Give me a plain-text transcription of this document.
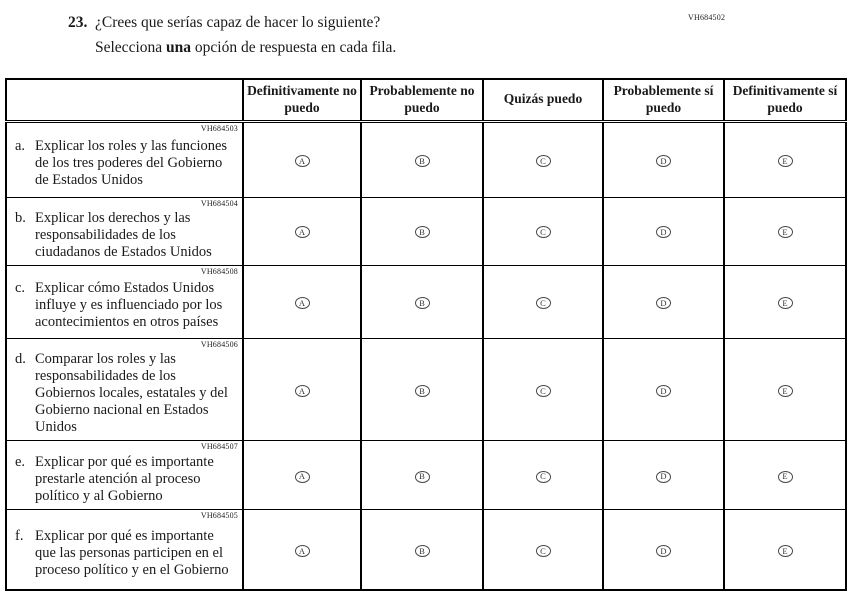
VH684502
23. ¿Crees que serías capaz de hacer lo siguiente?
Selecciona una opción de respuesta en cada fila.
	Definitivamente no puedo	Probablemente no puedo	Quizás puedo	Probablemente sí puedo	Definitivamente sí puedo

VH684503
a. Explicar los roles y las funciones de los tres poderes del Gobierno de Estados Unidos	A	B	C	D	E

VH684504
b. Explicar los derechos y las responsabilidades de los ciudadanos de Estados Unidos	A	B	C	D	E

VH684508
c. Explicar cómo Estados Unidos influye y es influenciado por los acontecimientos en otros países	A	B	C	D	E

VH684506
d. Comparar los roles y las responsabilidades de los Gobiernos locales, estatales y del Gobierno nacional en Estados Unidos	A	B	C	D	E

VH684507
e. Explicar por qué es importante prestarle atención al proceso político y al Gobierno	A	B	C	D	E

VH684505
f. Explicar por qué es importante que las personas participen en el proceso político y en el Gobierno	A	B	C	D	E
